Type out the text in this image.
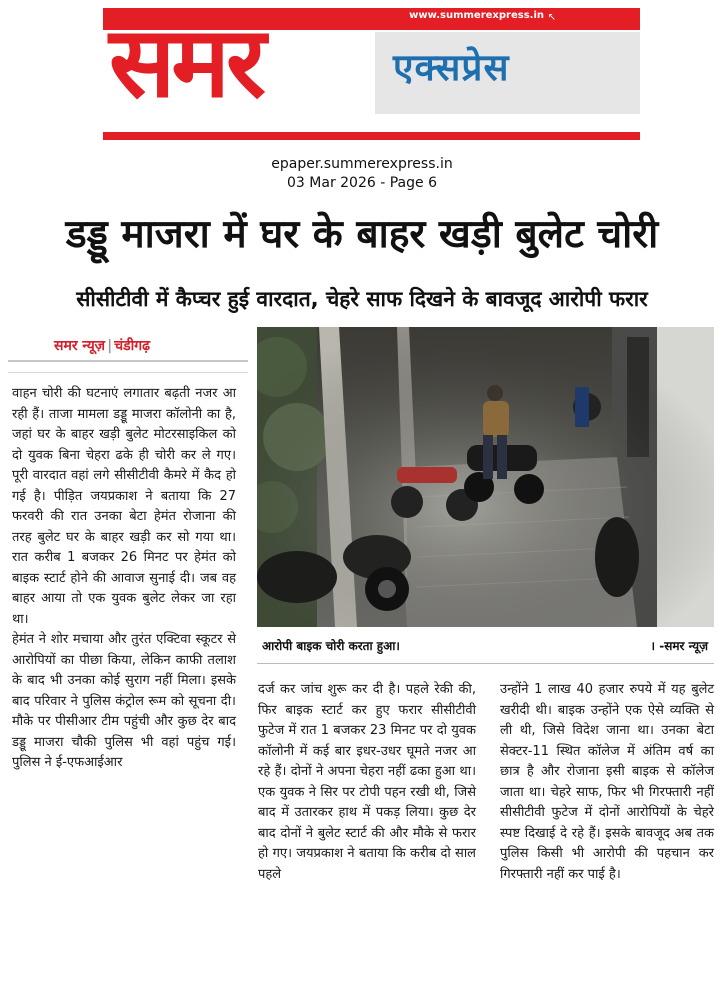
www.summerexpress.in ↖
समर	एक्सप्रेस
epaper.summerexpress.in
03 Mar 2026 - Page 6
डड्डू माजरा में घर के बाहर खड़ी बुलेट चोरी
सीसीटीवी में कैप्चर हुई वारदात, चेहरे साफ दिखने के बावजूद आरोपी फरार
समर न्यूज़ | चंडीगढ़
आरोपी बाइक चोरी करता हुआ।	। -समर न्यूज़

वाहन चोरी की घटनाएं लगातार बढ़ती नजर आ रही हैं। ताजा मामला डड्डू माजरा कॉलोनी का है, जहां घर के बाहर खड़ी बुलेट मोटरसाइकिल को दो युवक बिना चेहरा ढके ही चोरी कर ले गए। पूरी वारदात वहां लगे सीसीटीवी कैमरे में कैद हो गई है। पीड़ित जयप्रकाश ने बताया कि 27 फरवरी की रात उनका बेटा हेमंत रोजाना की तरह बुलेट घर के बाहर खड़ी कर सो गया था। रात करीब 1 बजकर 26 मिनट पर हेमंत को बाइक स्टार्ट होने की आवाज सुनाई दी। जब वह बाहर आया तो एक युवक बुलेट लेकर जा रहा था।

हेमंत ने शोर मचाया और तुरंत एक्टिवा स्कूटर से आरोपियों का पीछा किया, लेकिन काफी तलाश के बाद भी उनका कोई सुराग नहीं मिला। इसके बाद परिवार ने पुलिस कंट्रोल रूम को सूचना दी। मौके पर पीसीआर टीम पहुंची और कुछ देर बाद डड्डू माजरा चौकी पुलिस भी वहां पहुंच गई। पुलिस ने ई-एफआईआर

दर्ज कर जांच शुरू कर दी है। पहले रेकी की, फिर बाइक स्टार्ट कर हुए फरार सीसीटीवी फुटेज में रात 1 बजकर 23 मिनट पर दो युवक कॉलोनी में कई बार इधर-उधर घूमते नजर आ रहे हैं। दोनों ने अपना चेहरा नहीं ढका हुआ था। एक युवक ने सिर पर टोपी पहन रखी थी, जिसे बाद में उतारकर हाथ में पकड़ लिया। कुछ देर बाद दोनों ने बुलेट स्टार्ट की और मौके से फरार हो गए। जयप्रकाश ने बताया कि करीब दो साल पहले

उन्होंने 1 लाख 40 हजार रुपये में यह बुलेट खरीदी थी। बाइक उन्होंने एक ऐसे व्यक्ति से ली थी, जिसे विदेश जाना था। उनका बेटा सेक्टर-11 स्थित कॉलेज में अंतिम वर्ष का छात्र है और रोजाना इसी बाइक से कॉलेज जाता था। चेहरे साफ, फिर भी गिरफ्तारी नहीं सीसीटीवी फुटेज में दोनों आरोपियों के चेहरे स्पष्ट दिखाई दे रहे हैं। इसके बावजूद अब तक पुलिस किसी भी आरोपी की पहचान कर गिरफ्तारी नहीं कर पाई है।
